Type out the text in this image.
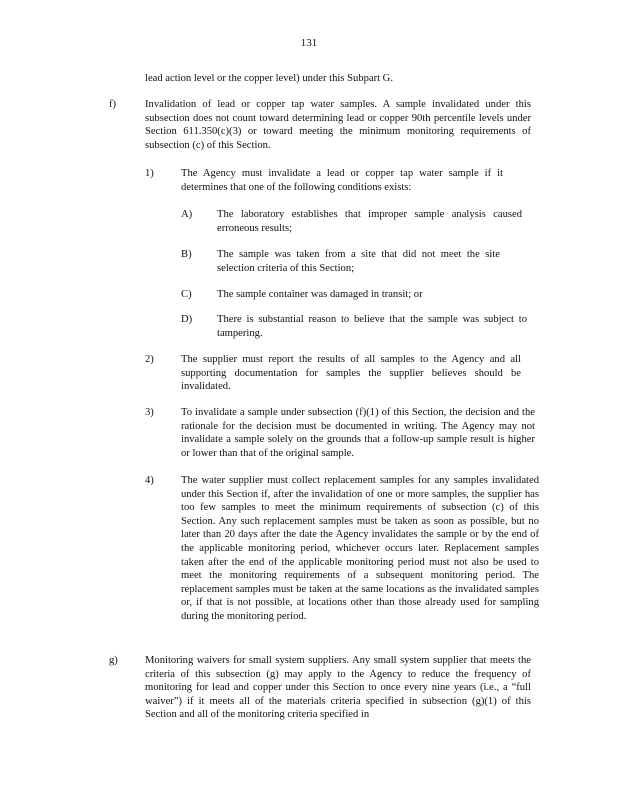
131

lead action level or the copper level) under this Subpart G.

f)	Invalidation of lead or copper tap water samples. A sample invalidated under this subsection does not count toward determining lead or copper 90th percentile levels under Section 611.350(c)(3) or toward meeting the minimum monitoring requirements of subsection (c) of this Section.

1)	The Agency must invalidate a lead or copper tap water sample if it determines that one of the following conditions exists:

A) The laboratory establishes that improper sample analysis caused erroneous results;

B) The sample was taken from a site that did not meet the site selection criteria of this Section;

C) The sample container was damaged in transit; or

D) There is substantial reason to believe that the sample was subject to tampering.

2)	The supplier must report the results of all samples to the Agency and all supporting documentation for samples the supplier believes should be invalidated.

3)	To invalidate a sample under subsection (f)(1) of this Section, the decision and the rationale for the decision must be documented in writing. The Agency may not invalidate a sample solely on the grounds that a follow-up sample result is higher or lower than that of the original sample.

4)	The water supplier must collect replacement samples for any samples invalidated under this Section if, after the invalidation of one or more samples, the supplier has too few samples to meet the minimum requirements of subsection (c) of this Section. Any such replacement samples must be taken as soon as possible, but no later than 20 days after the date the Agency invalidates the sample or by the end of the applicable monitoring period, whichever occurs later. Replacement samples taken after the end of the applicable monitoring period must not also be used to meet the monitoring requirements of a subsequent monitoring period. The replacement samples must be taken at the same locations as the invalidated samples or, if that is not possible, at locations other than those already used for sampling during the monitoring period.

g)	Monitoring waivers for small system suppliers. Any small system supplier that meets the criteria of this subsection (g) may apply to the Agency to reduce the frequency of monitoring for lead and copper under this Section to once every nine years (i.e., a “full waiver”) if it meets all of the materials criteria specified in subsection (g)(1) of this Section and all of the monitoring criteria specified in
